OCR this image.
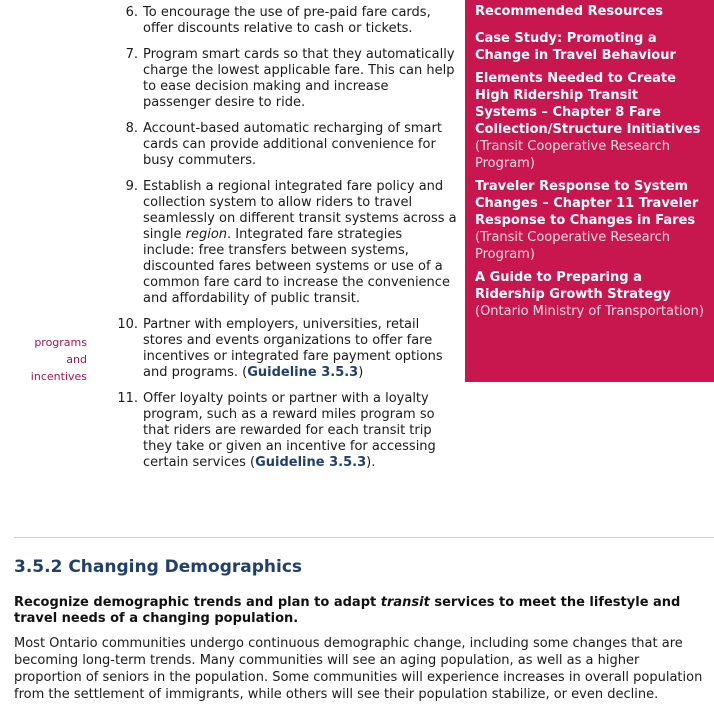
6. To encourage the use of pre-paid fare cards, offer discounts relative to cash or tickets.
7. Program smart cards so that they automatically charge the lowest applicable fare. This can help to ease decision making and increase passenger desire to ride.
8. Account-based automatic recharging of smart cards can provide additional convenience for busy commuters.
9. Establish a regional integrated fare policy and collection system to allow riders to travel seamlessly on different transit systems across a single region. Integrated fare strategies include: free transfers between systems, discounted fares between systems or use of a common fare card to increase the convenience and affordability of public transit.
10. Partner with employers, universities, retail stores and events organizations to offer fare incentives or integrated fare payment options and programs. (Guideline 3.5.3)
11. Offer loyalty points or partner with a loyalty program, such as a reward miles program so that riders are rewarded for each transit trip they take or given an incentive for accessing certain services (Guideline 3.5.3).
programs
and
incentives
Recommended Resources
Case Study: Promoting a Change in Travel Behaviour
Elements Needed to Create High Ridership Transit Systems – Chapter 8 Fare Collection/Structure Initiatives (Transit Cooperative Research Program)
Traveler Response to System Changes – Chapter 11 Traveler Response to Changes in Fares (Transit Cooperative Research Program)
A Guide to Preparing a Ridership Growth Strategy (Ontario Ministry of Transportation)
3.5.2 Changing Demographics

Recognize demographic trends and plan to adapt transit services to meet the lifestyle and travel needs of a changing population.

Most Ontario communities undergo continuous demographic change, including some changes that are becoming long-term trends. Many communities will see an aging population, as well as a higher proportion of seniors in the population. Some communities will experience increases in overall population from the settlement of immigrants, while others will see their population stabilize, or even decline.
